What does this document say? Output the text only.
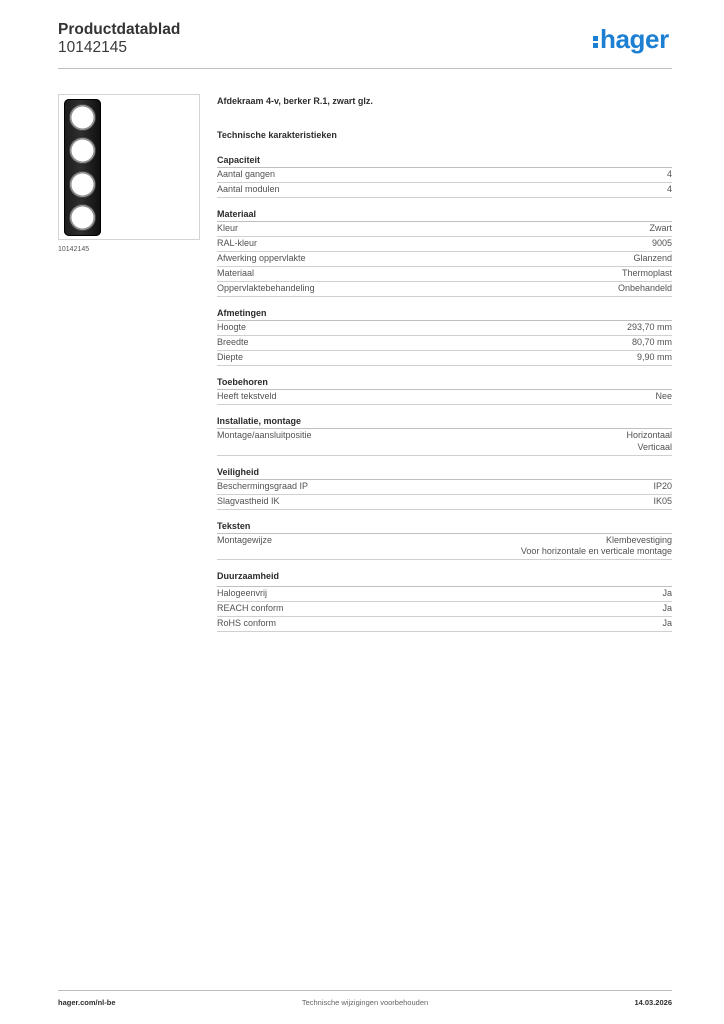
Productdatablad
10142145	hager
10142145
Afdekraam 4-v, berker R.1, zwart glz.
Technische karakteristieken
Capaciteit
Aantal gangen	4
Aantal modulen	4
Materiaal
Kleur	Zwart
RAL-kleur	9005
Afwerking oppervlakte	Glanzend
Materiaal	Thermoplast
Oppervlaktebehandeling	Onbehandeld
Afmetingen
Hoogte	293,70 mm
Breedte	80,70 mm
Diepte	9,90 mm
Toebehoren
Heeft tekstveld	Nee
Installatie, montage
Montage/aansluitpositie	Horizontaal
Verticaal
Veiligheid
Beschermingsgraad IP	IP20
Slagvastheid IK	IK05
Teksten
Montagewijze	Klembevestiging
Voor horizontale en verticale montage
Duurzaamheid
Halogeenvrij	Ja
REACH conform	Ja
RoHS conform	Ja
hager.com/nl-be	Technische wijzigingen voorbehouden	14.03.2026
